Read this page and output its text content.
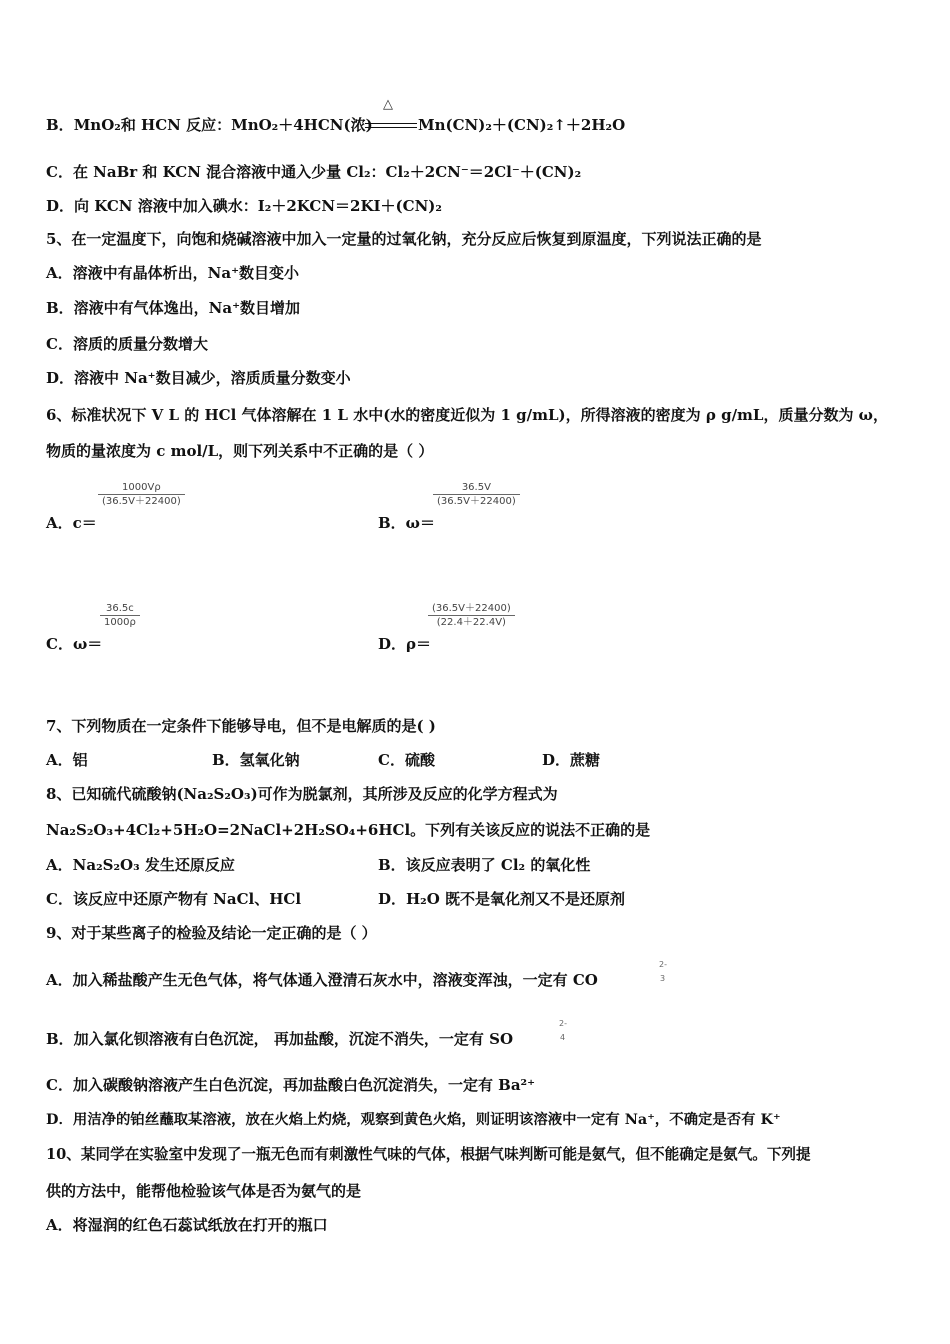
B．MnO₂和 HCN 反应：MnO₂＋4HCN(浓)
△
Mn(CN)₂＋(CN)₂↑＋2H₂O
C．在 NaBr 和 KCN 混合溶液中通入少量 Cl₂：Cl₂＋2CN⁻＝2Cl⁻＋(CN)₂
D．向 KCN 溶液中加入碘水：I₂＋2KCN＝2KI＋(CN)₂
5、在一定温度下，向饱和烧碱溶液中加入一定量的过氧化钠，充分反应后恢复到原温度，下列说法正确的是
A．溶液中有晶体析出，Na⁺数目变小
B．溶液中有气体逸出，Na⁺数目增加
C．溶质的质量分数增大
D．溶液中 Na⁺数目减少，溶质质量分数变小
6、标准状况下 V L 的 HCl 气体溶解在 1 L 水中(水的密度近似为 1 g/mL)，所得溶液的密度为 ρ g/mL，质量分数为 ω，
物质的量浓度为 c mol/L，则下列关系中不正确的是（ ）
1000Vρ
(36.5V＋22400)
A．c＝
36.5V
(36.5V＋22400)
B．ω＝
36.5c
1000ρ
C．ω＝
(36.5V＋22400)
(22.4＋22.4V)
D．ρ＝
7、下列物质在一定条件下能够导电，但不是电解质的是( )
A．铝	B．氢氧化钠	C．硫酸	D．蔗糖
8、已知硫代硫酸钠(Na₂S₂O₃)可作为脱氯剂，其所涉及反应的化学方程式为
Na₂S₂O₃+4Cl₂+5H₂O=2NaCl+2H₂SO₄+6HCl。下列有关该反应的说法不正确的是
A．Na₂S₂O₃ 发生还原反应	B．该反应表明了 Cl₂ 的氧化性
C．该反应中还原产物有 NaCl、HCl	D．H₂O 既不是氧化剂又不是还原剂
9、对于某些离子的检验及结论一定正确的是（ ）
A．加入稀盐酸产生无色气体，将气体通入澄清石灰水中，溶液变浑浊，一定有 CO
2-
3
B．加入氯化钡溶液有白色沉淀， 再加盐酸，沉淀不消失，一定有 SO
2-
4
C．加入碳酸钠溶液产生白色沉淀，再加盐酸白色沉淀消失，一定有 Ba²⁺
D．用洁净的铂丝蘸取某溶液，放在火焰上灼烧，观察到黄色火焰，则证明该溶液中一定有 Na⁺，不确定是否有 K⁺
10、某同学在实验室中发现了一瓶无色而有刺激性气味的气体，根据气味判断可能是氨气，但不能确定是氨气。下列提
供的方法中，能帮他检验该气体是否为氨气的是
A．将湿润的红色石蕊试纸放在打开的瓶口
